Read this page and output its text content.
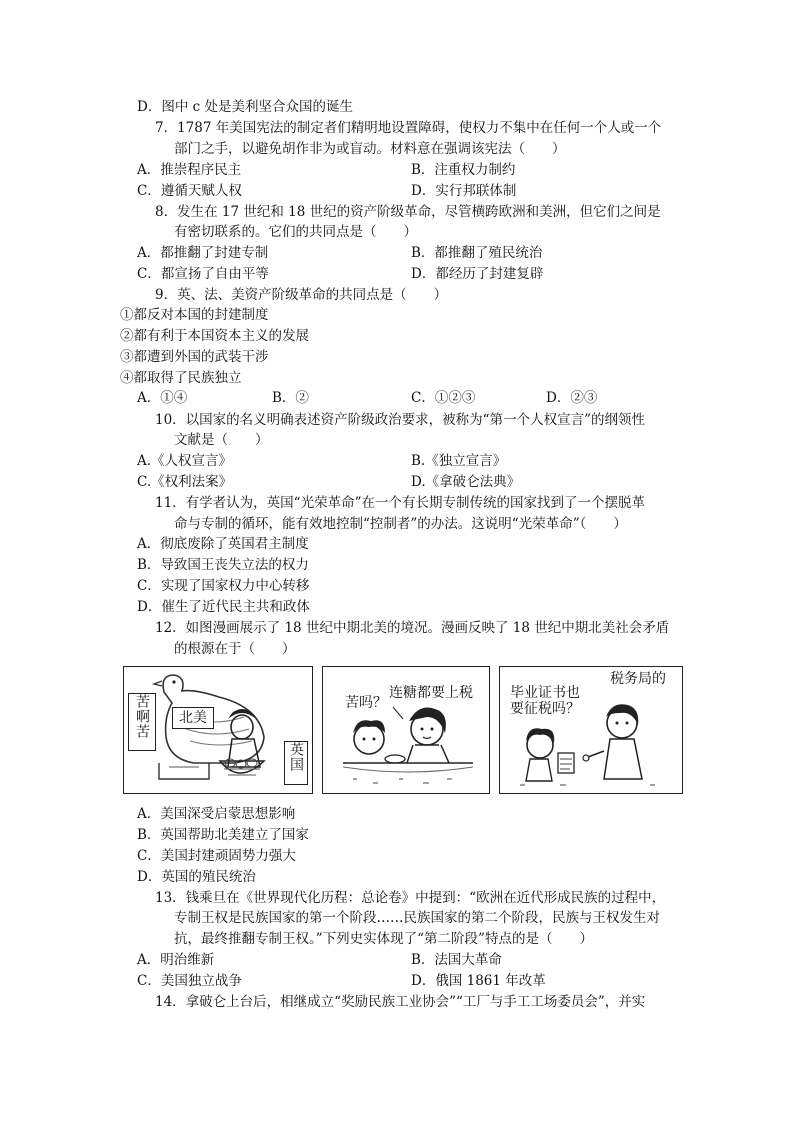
D．图中 c 处是美利坚合众国的诞生
7．1787 年美国宪法的制定者们精明地设置障碍，使权力不集中在任何一个人或一个
部门之手，以避免胡作非为或盲动。材料意在强调该宪法（　　）
A．推崇程序民主	B．注重权力制约
C．遵循天赋人权	D．实行邦联体制
8．发生在 17 世纪和 18 世纪的资产阶级革命，尽管横跨欧洲和美洲，但它们之间是
有密切联系的。它们的共同点是（　　）
A．都推翻了封建专制	B．都推翻了殖民统治
C．都宣扬了自由平等	D．都经历了封建复辟
9．英、法、美资产阶级革命的共同点是（　　）
①都反对本国的封建制度
②都有利于本国资本主义的发展
③都遭到外国的武装干涉
④都取得了民族独立
A．①④	B．②	C．①②③	D．②③
10．以国家的名义明确表述资产阶级政治要求，被称为“第一个人权宣言”的纲领性
文献是（　　）
A.《人权宣言》	B.《独立宣言》
C.《权利法案》	D.《拿破仑法典》
11．有学者认为，英国“光荣革命”在一个有长期专制传统的国家找到了一个摆脱革
命与专制的循环，能有效地控制“控制者”的办法。这说明“光荣革命”（　　）
A．彻底废除了英国君主制度
B．导致国王丧失立法的权力
C．实现了国家权力中心转移
D．催生了近代民主共和政体
12．如图漫画展示了 18 世纪中期北美的境况。漫画反映了 18 世纪中期北美社会矛盾
的根源在于（　　）
苦啊苦	北美
英国
连糖都要上税
苦吗？
税务局的
毕业证书也
要征税吗？
A．美国深受启蒙思想影响
B．英国帮助北美建立了国家
C．美国封建顽固势力强大
D．英国的殖民统治
13．钱乘旦在《世界现代化历程：总论卷》中提到：“欧洲在近代形成民族的过程中，
专制王权是民族国家的第一个阶段……民族国家的第二个阶段，民族与王权发生对
抗，最终推翻专制王权。”下列史实体现了“第二阶段”特点的是（　　）
A．明治维新	B．法国大革命
C．美国独立战争	D．俄国 1861 年改革
14．拿破仑上台后，相继成立“奖励民族工业协会”“工厂与手工工场委员会”，并实
